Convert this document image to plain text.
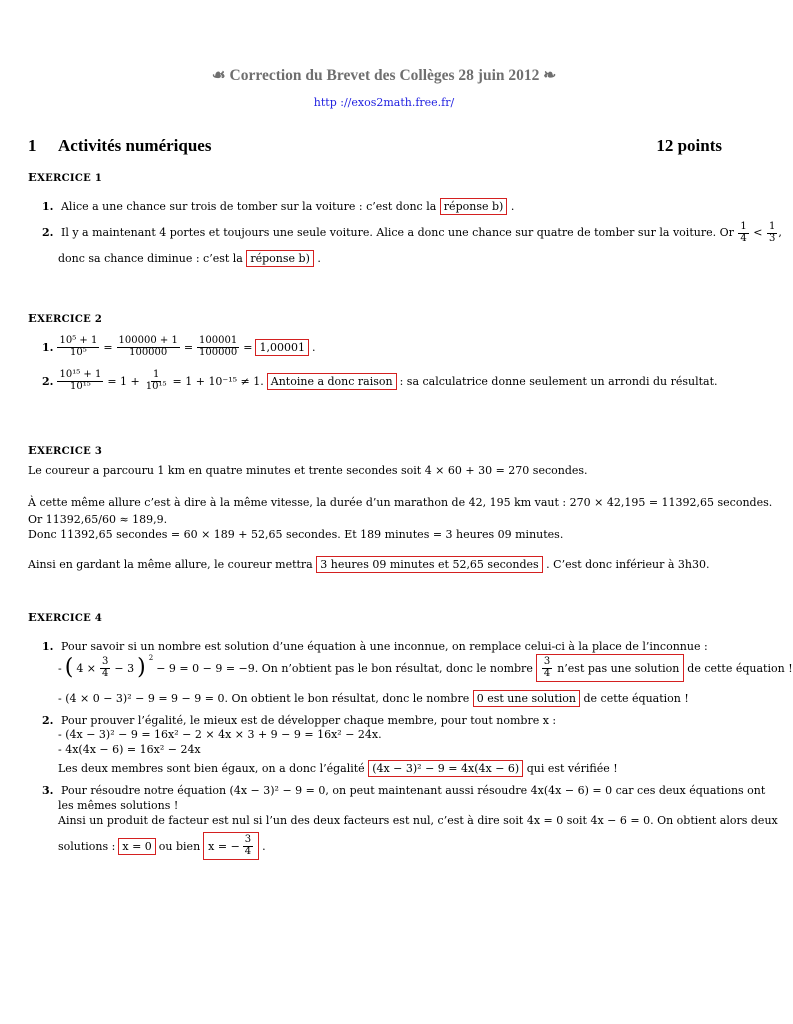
☙ Correction du Brevet des Collèges 28 juin 2012 ❧
http ://exos2math.free.fr/
1 Activités numériques	12 points
EXERCICE 1
1. Alice a une chance sur trois de tomber sur la voiture : c’est donc la réponse b) .
2. Il y a maintenant 4 portes et toujours une seule voiture. Alice a donc une chance sur quatre de tomber sur la voiture. Or $\frac{1}{4} < \frac{1}{3}$ ,
donc sa chance diminue : c’est la réponse b) .
EXERCICE 2
1. $\frac{\text{10⁵ + 1}}{\text{10⁵}} = \frac{100000 + 1}{100000} = \frac{100001}{100000} = 1,00001$ .
2. $\frac{\text{10¹⁵ + 1}}{\text{10¹⁵}} = 1 + \frac{1}{\text{10¹⁵}} = 1 + 10^{-15} \ne 1$. Antoine a donc raison : sa calculatrice donne seulement un arrondi du résultat.
EXERCICE 3
Le coureur a parcouru 1 km en quatre minutes et trente secondes soit 4 × 60 + 30 = 270 secondes.
À cette même allure c’est à dire à la même vitesse, la durée d’un marathon de 42, 195 km vaut : 270 × 42,195 = 11392,65 secondes.
Or 11392,65/60 ≈ 189,9.
Donc 11392,65 secondes = 60 × 189 + 52,65 secondes. Et 189 minutes = 3 heures 09 minutes.
Ainsi en gardant la même allure, le coureur mettra 3 heures 09 minutes et 52,65 secondes . C’est donc inférieur à 3h30.
EXERCICE 4
1. Pour savoir si un nombre est solution d’une équation à une inconnue, on remplace celui-ci à la place de l’inconnue :
- ( $4 \times \frac{3}{4} - 3$ ) 2
− 9 = 0 − 9 = −9. On n’obtient pas le bon résultat, donc le nombre $\frac{3}{4}$ n’est pas une solution de cette équation !
- (4 × 0 − 3)² − 9 = 9 − 9 = 0. On obtient le bon résultat, donc le nombre 0 est une solution de cette équation !
2. Pour prouver l’égalité, le mieux est de développer chaque membre, pour tout nombre x :
- (4x − 3)² − 9 = 16x² − 2 × 4x × 3 + 9 − 9 = 16x² − 24x.
- 4x(4x − 6) = 16x² − 24x
Les deux membres sont bien égaux, on a donc l’égalité (4x − 3)² − 9 = 4x(4x − 6) qui est vérifiée !
3. Pour résoudre notre équation (4x − 3)² − 9 = 0, on peut maintenant aussi résoudre 4x(4x − 6) = 0 car ces deux équations ont
les mêmes solutions !
Ainsi un produit de facteur est nul si l’un des deux facteurs est nul, c’est à dire soit 4x = 0 soit 4x − 6 = 0. On obtient alors deux
solutions : x = 0 ou bien x = − $\frac{3}{4}$ .
